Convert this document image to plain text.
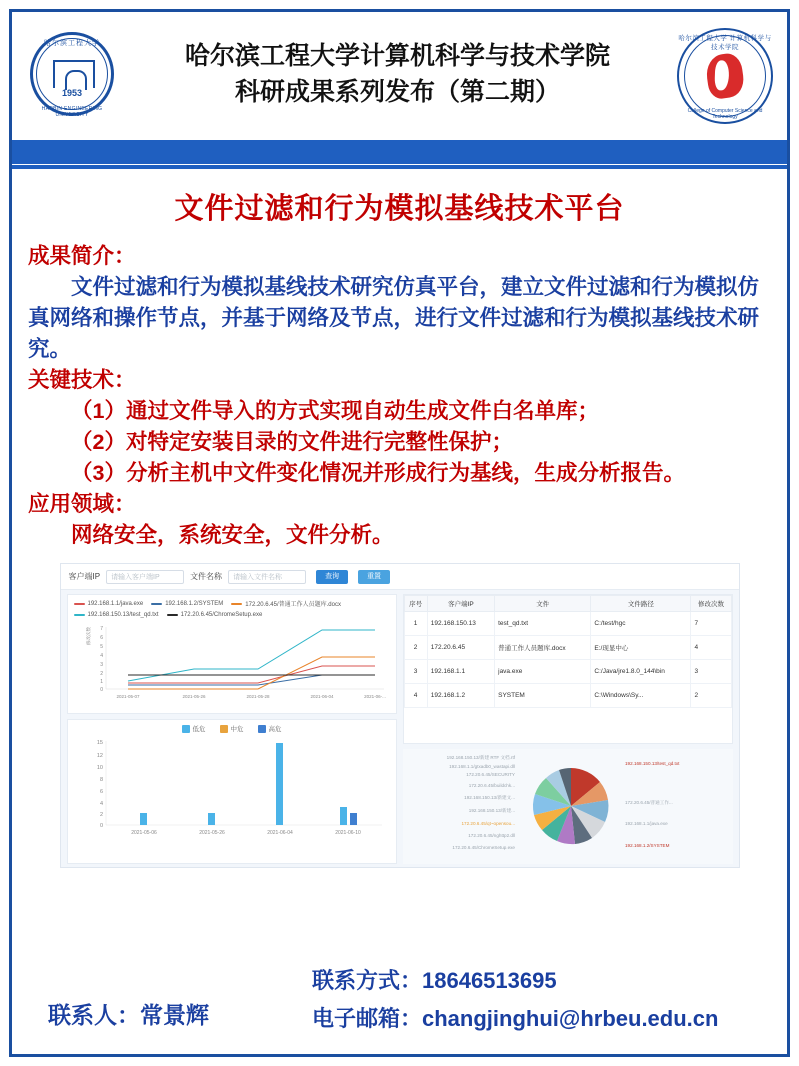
哈尔滨工程大学
1953
HARBIN ENGINEERING UNIVERSITY
哈尔滨工程大学计算机科学与技术学院
科研成果系列发布（第二期）
哈尔滨工程大学 计算机科学与技术学院
College of Computer Science and Technology
文件过滤和行为模拟基线技术平台
成果简介：
文件过滤和行为模拟基线技术研究仿真平台，建立文件过滤和行为模拟仿真网络和操作节点，并基于网络及节点，进行文件过滤和行为模拟基线技术研究。
关键技术：
（1）通过文件导入的方式实现自动生成文件白名单库；
（2）对特定安装目录的文件进行完整性保护；
（3）分析主机中文件变化情况并形成行为基线，生成分析报告。
应用领域：
网络安全，系统安全，文件分析。
客户端IP	请输入客户端IP	文件名称	请输入文件名称	查询	重置
192.168.1.1/java.exe	192.168.1.2/SYSTEM	172.20.6.45/普通工作人员题库.docx
192.168.150.13/test_qd.txt	172.20.6.45/ChromeSetup.exe
7
6
5
4
3
2
1
0
修改次数
2021-05-07	2021-05-26	2021-05-28	2021-06-04	2021-06-...
序号	客户端IP	文件	文件路径	修改次数
1	192.168.150.13	test_qd.txt	C:/test/hgc	7
2	172.20.6.45	普通工作人员题库.docx	E:/现显中心	4
3	192.168.1.1	java.exe	C:/Java/jre1.8.0_144\bin	3
4	192.168.1.2	SYSTEM	C:\Windows\Sy...	2
低危	中危	高危
15
12
10
8
6
4
2
0
2021-05-06	2021-05-26	2021-06-04	2021-06-10
192.168.150.13/新建 RTF 文档.rtf
192.168.1.1/gtxadb0_wastapi.dll
172.20.6.45/SECURITY
172.20.6.45/buildchk...
192.168.150.13/新建文...
192.168.150.13/新建...
172.20.6.45/qt~opensou...
172.20.6.45/nghttp2.dll
172.20.6.45/ChromeSetup.exe
192.168.150.13/test_qd.txt
172.20.6.45/普通工作...
192.168.1.1/java.exe
192.168.1.2/SYSTEM
联系人：常景辉
联系方式：18646513695
电子邮箱：changjinghui@hrbeu.edu.cn
